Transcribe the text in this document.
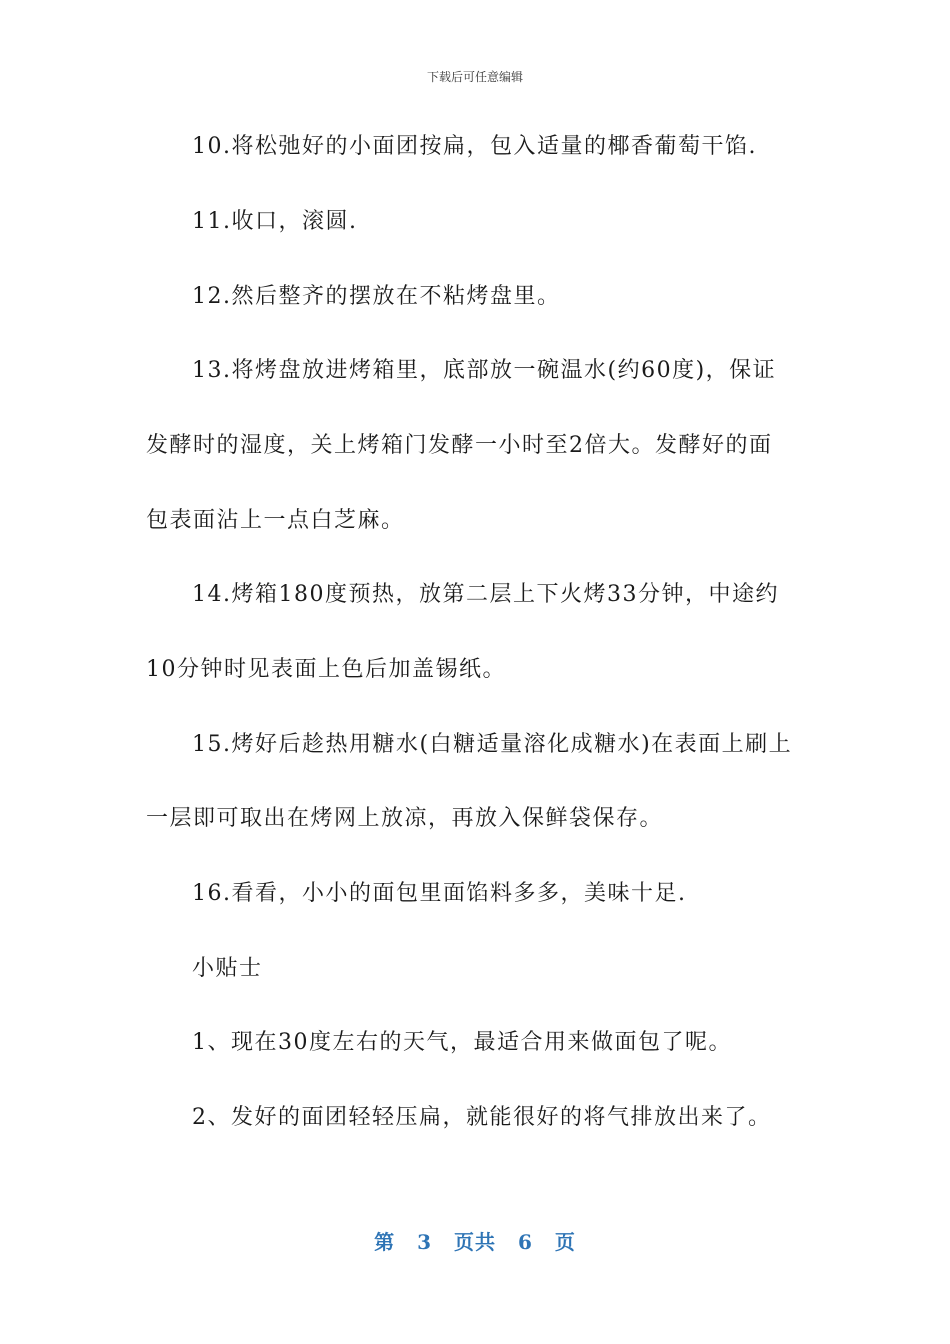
下载后可任意编辑
10.将松弛好的小面团按扁，包入适量的椰香葡萄干馅.
11.收口，滚圆.
12.然后整齐的摆放在不粘烤盘里。
13.将烤盘放进烤箱里，底部放一碗温水(约60度)，保证
发酵时的湿度，关上烤箱门发酵一小时至2倍大。发酵好的面
包表面沾上一点白芝麻。
14.烤箱180度预热，放第二层上下火烤33分钟，中途约
10分钟时见表面上色后加盖锡纸。
15.烤好后趁热用糖水(白糖适量溶化成糖水)在表面上刷上
一层即可取出在烤网上放凉，再放入保鲜袋保存。
16.看看，小小的面包里面馅料多多，美味十足.
小贴士
1、现在30度左右的天气，最适合用来做面包了呢。
2、发好的面团轻轻压扁，就能很好的将气排放出来了。
第 3 页共 6 页
